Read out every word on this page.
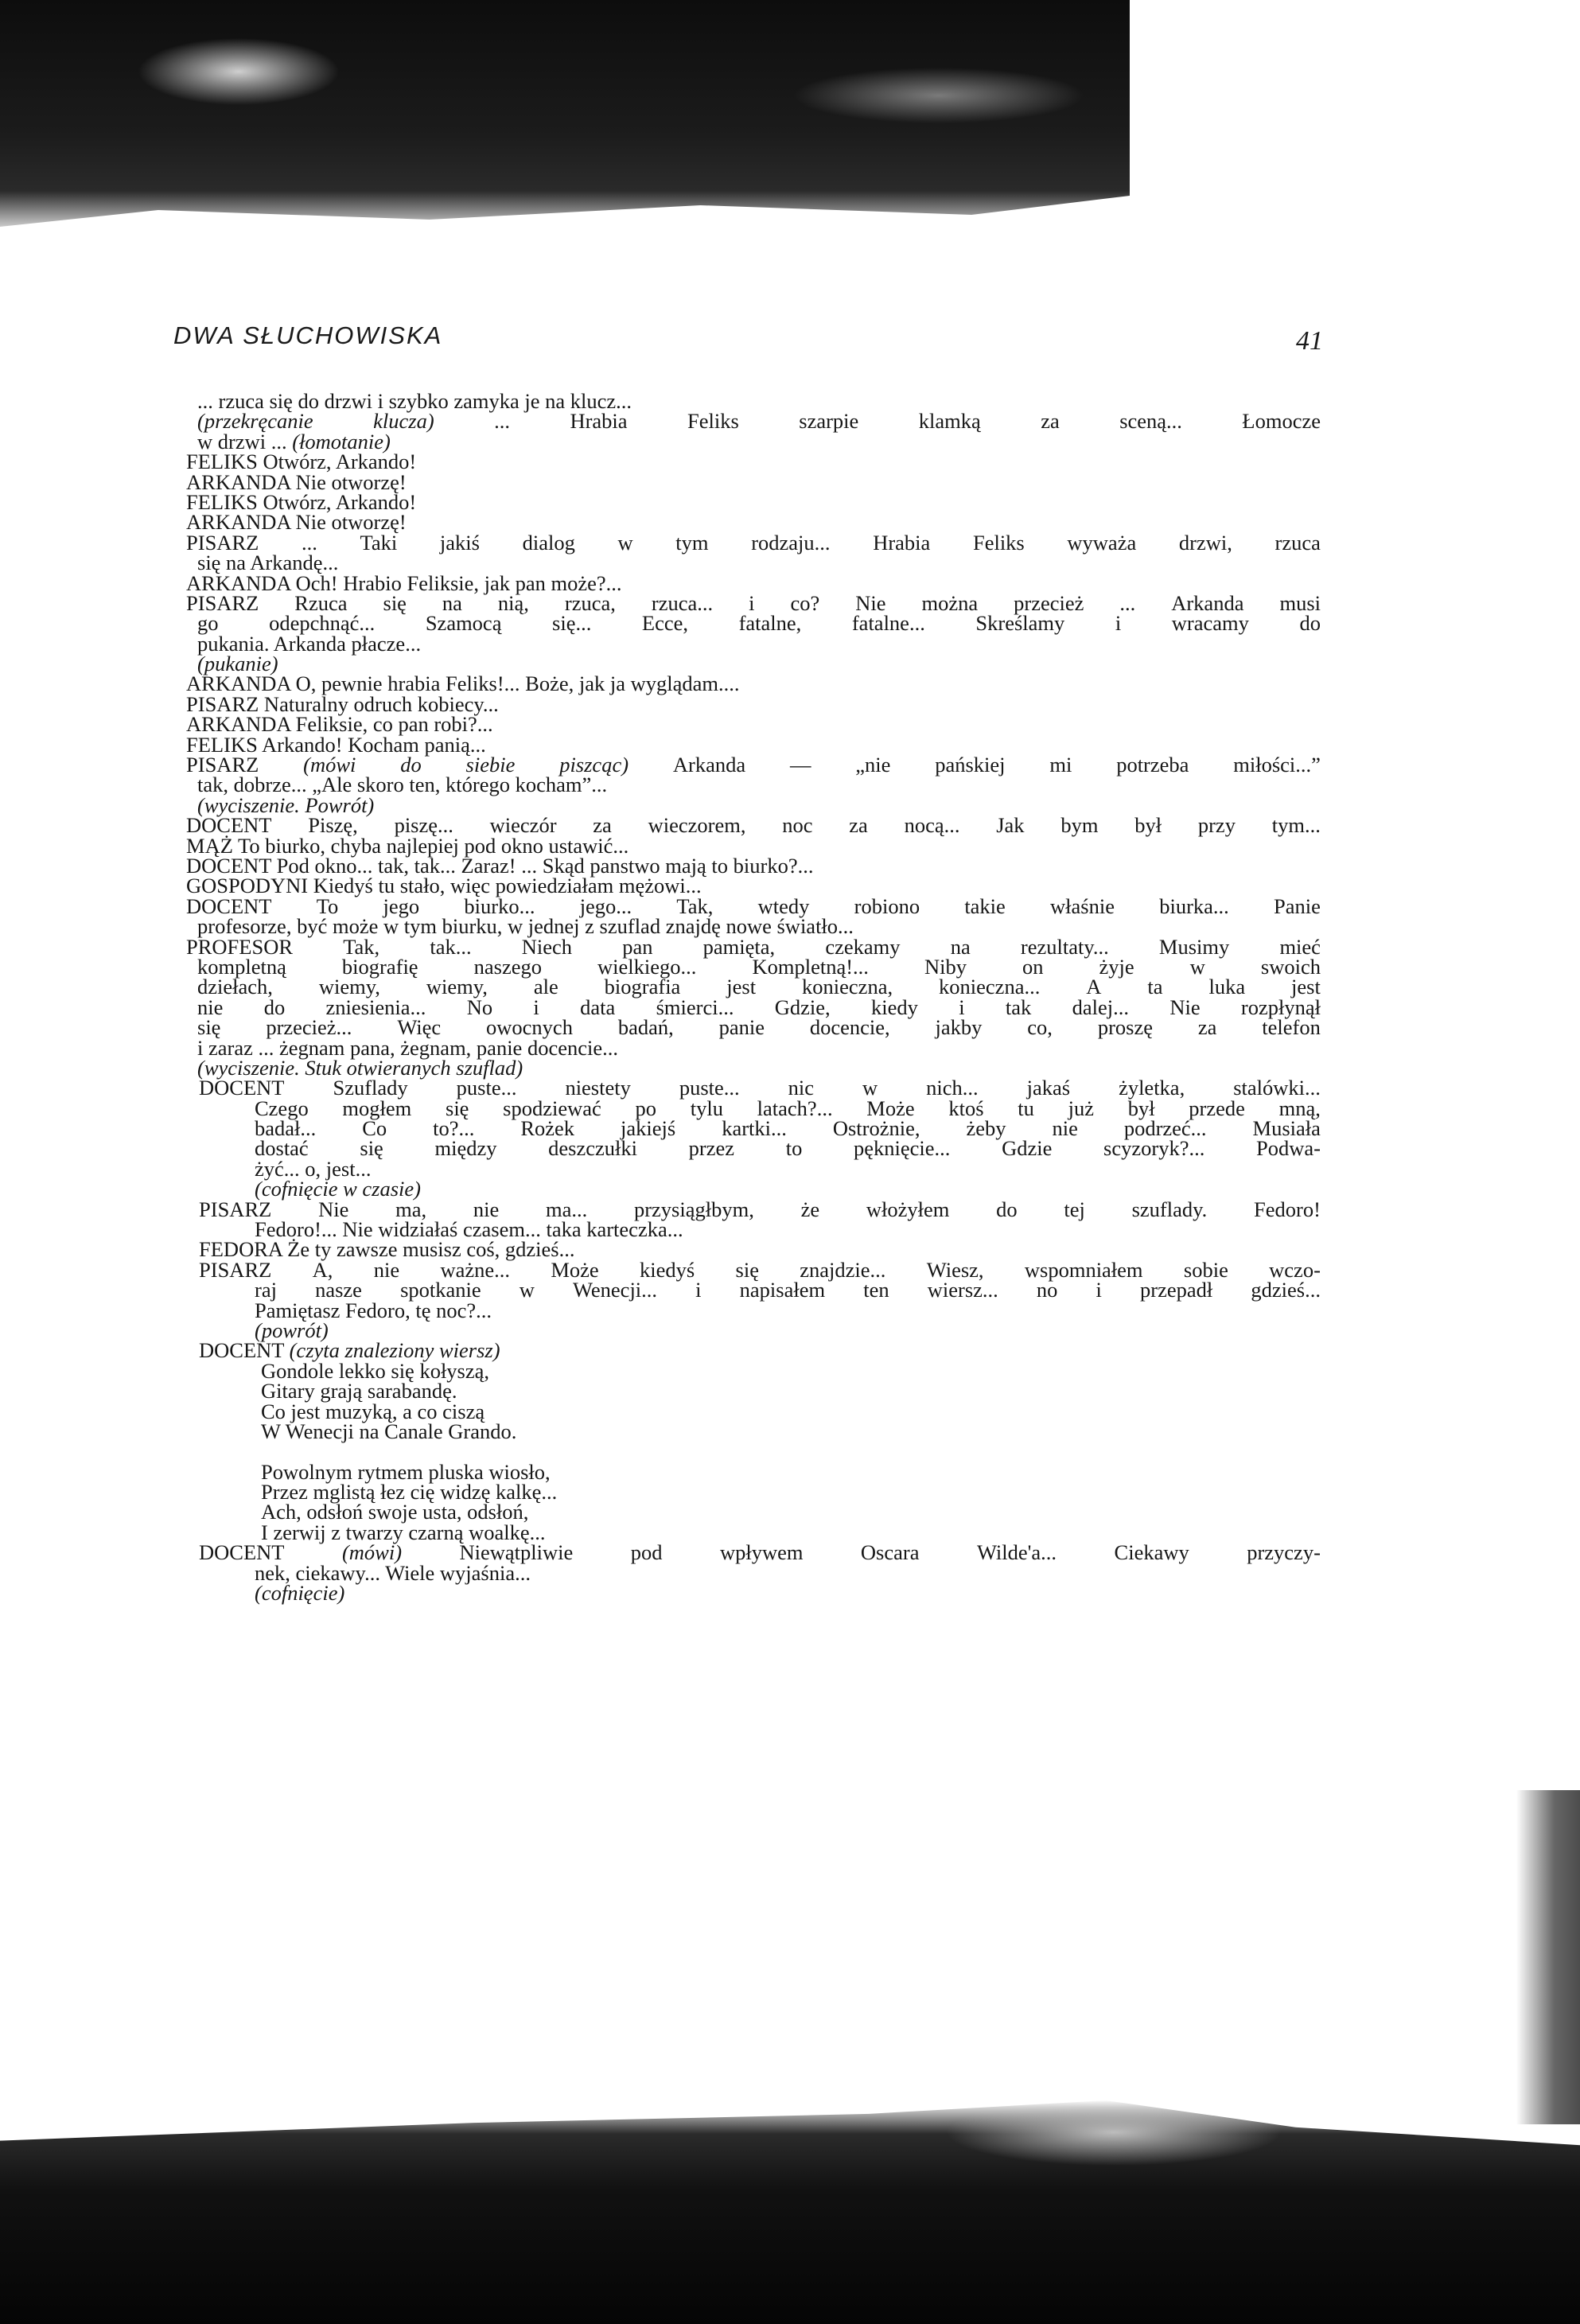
DWA SŁUCHOWISKA	41
... rzuca się do drzwi i szybko zamyka je na klucz...
(przekręcanie	klucza)	...	Hrabia	Feliks	szarpie	klamką	za	sceną...	Łomocze
w drzwi ... (łomotanie)
FELIKS Otwórz, Arkando!
ARKANDA Nie otworzę!
FELIKS Otwórz, Arkando!
ARKANDA Nie otworzę!
PISARZ ... Taki jakiś dialog w tym rodzaju... Hrabia Feliks wyważa drzwi, rzuca
się na Arkandę...
ARKANDA Och! Hrabio Feliksie, jak pan może?...
PISARZ Rzuca się na nią, rzuca, rzuca... i co? Nie można przecież ... Arkanda musi
go odepchnąć... Szamocą się... Ecce, fatalne, fatalne... Skreślamy i wracamy do
pukania. Arkanda płacze...
(pukanie)
ARKANDA O, pewnie hrabia Feliks!... Boże, jak ja wyglądam....
PISARZ Naturalny odruch kobiecy...
ARKANDA Feliksie, co pan robi?...
FELIKS Arkando! Kocham panią...
PISARZ (mówi do siebie piszcąc) Arkanda — „nie pańskiej mi potrzeba miłości...”
tak, dobrze... „Ale skoro ten, którego kocham”...
(wyciszenie. Powrót)
DOCENT Piszę, piszę... wieczór za wieczorem, noc za nocą... Jak bym był przy tym...
MĄŻ To biurko, chyba najlepiej pod okno ustawić...
DOCENT Pod okno... tak, tak... Zaraz! ... Skąd panstwo mają to biurko?...
GOSPODYNI Kiedyś tu stało, więc powiedziałam mężowi...
DOCENT To jego biurko... jego... Tak, wtedy robiono takie właśnie biurka... Panie
profesorze, być może w tym biurku, w jednej z szuflad znajdę nowe światło...
PROFESOR Tak, tak... Niech pan pamięta, czekamy na rezultaty... Musimy mieć
kompletną	biografię	naszego	wielkiego...	Kompletną!...	Niby	on	żyje	w	swoich
dziełach, wiemy, wiemy, ale biografia jest konieczna, konieczna... A ta luka jest
nie do zniesienia... No i data śmierci... Gdzie, kiedy i tak dalej... Nie rozpłynął
się przecież... Więc owocnych badań, panie docencie, jakby co, proszę za telefon
i zaraz ... żegnam pana, żegnam, panie docencie...
(wyciszenie. Stuk otwieranych szuflad)
DOCENT Szuflady puste... niestety puste... nic w nich... jakaś żyletka, stalówki...
Czego mogłem się spodziewać po tylu latach?... Może ktoś tu już był przede mną,
badał... Co to?... Rożek jakiejś kartki... Ostrożnie, żeby nie podrzeć... Musiała
dostać się między deszczułki przez to pęknięcie... Gdzie scyzoryk?... Podwa-
żyć... o, jest...
(cofnięcie w czasie)
PISARZ Nie ma, nie ma... przysiągłbym, że włożyłem do tej szuflady. Fedoro!
Fedoro!... Nie widziałaś czasem... taka karteczka...
FEDORA Że ty zawsze musisz coś, gdzieś...
PISARZ A, nie ważne... Może kiedyś się znajdzie... Wiesz, wspomniałem sobie wczo-
raj nasze spotkanie w Wenecji... i napisałem ten wiersz... no i przepadł gdzieś...
Pamiętasz Fedoro, tę noc?...
(powrót)
DOCENT (czyta znaleziony wiersz)
Gondole lekko się kołyszą,
Gitary grają sarabandę.
Co jest muzyką, a co ciszą
W Wenecji na Canale Grando.
Powolnym rytmem pluska wiosło,
Przez mglistą łez cię widzę kalkę...
Ach, odsłoń swoje usta, odsłoń,
I zerwij z twarzy czarną woalkę...
DOCENT	(mówi)	Niewątpliwie	pod	wpływem	Oscara	Wilde'a...	Ciekawy	przyczy-
nek, ciekawy... Wiele wyjaśnia...
(cofnięcie)
